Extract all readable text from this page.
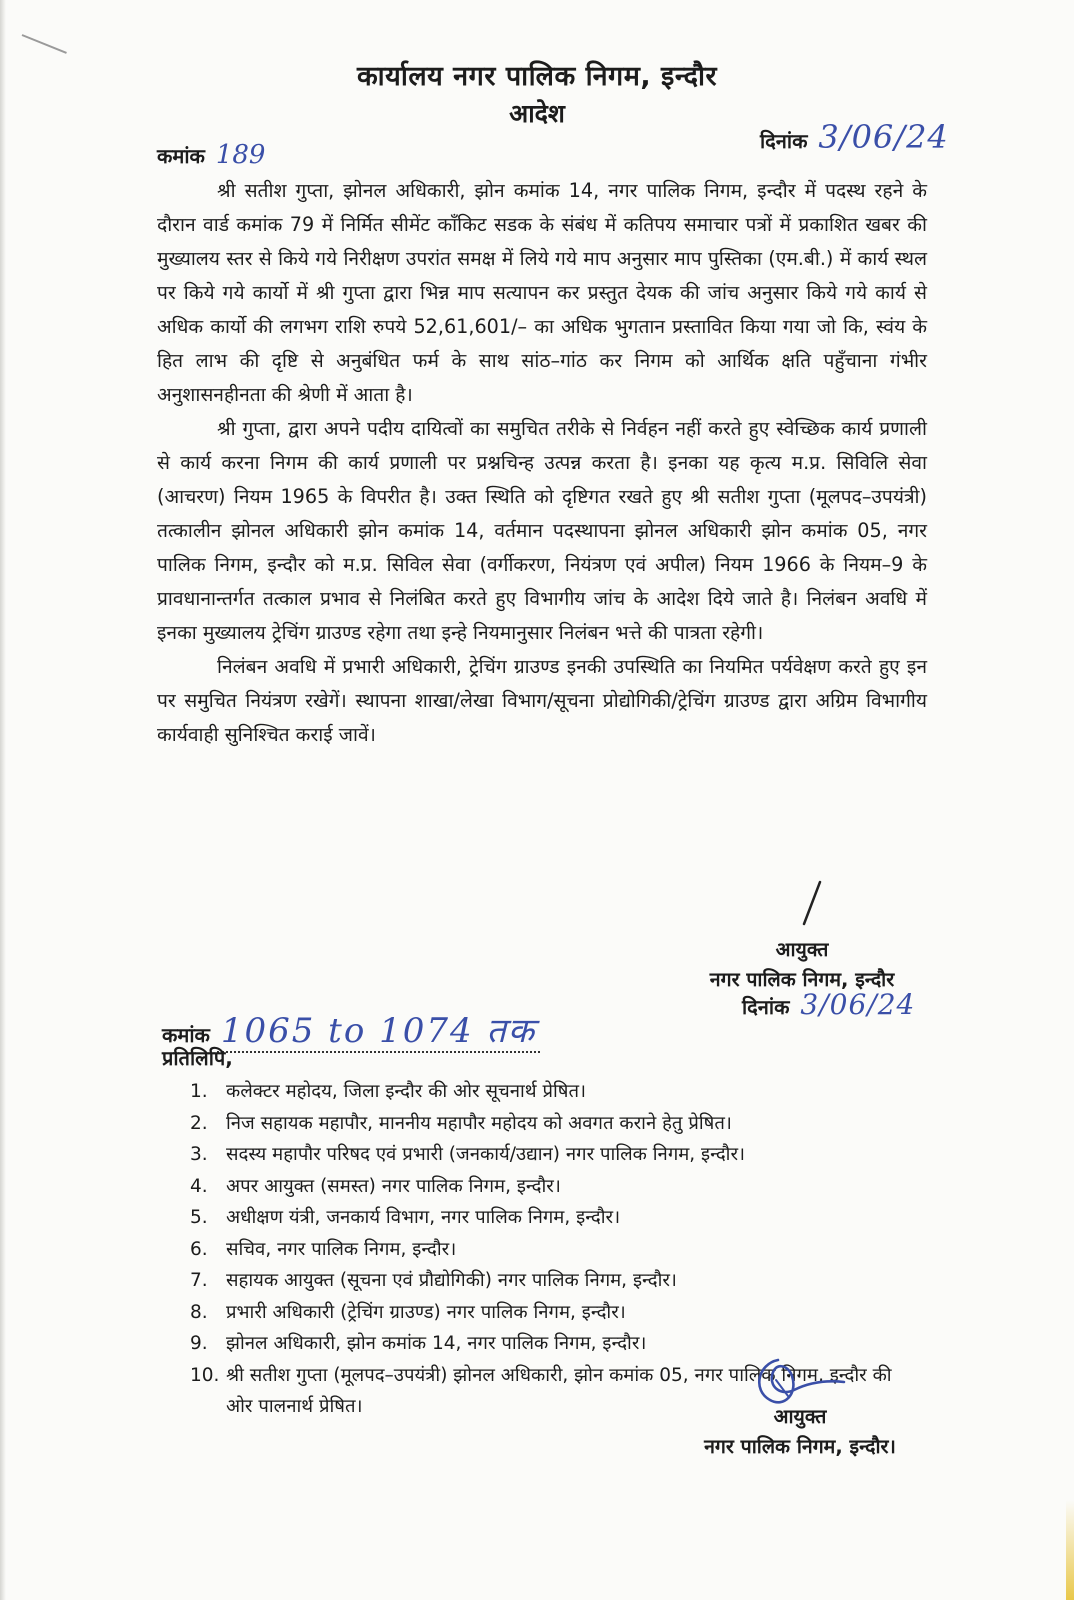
कार्यालय नगर पालिक निगम, इन्दौर
आदेश
कमांक 189	दिनांक 3/06/24

श्री सतीश गुप्ता, झोनल अधिकारी, झोन कमांक 14, नगर पालिक निगम, इन्दौर में पदस्थ रहने के दौरान वार्ड कमांक 79 में निर्मित सीमेंट कॉंकिट सडक के संबंध में कतिपय समाचार पत्रों में प्रकाशित खबर की मुख्यालय स्तर से किये गये निरीक्षण उपरांत समक्ष में लिये गये माप अनुसार माप पुस्तिका (एम.बी.) में कार्य स्थल पर किये गये कार्यो में श्री गुप्ता द्वारा भिन्न माप सत्यापन कर प्रस्तुत देयक की जांच अनुसार किये गये कार्य से अधिक कार्यो की लगभग राशि रुपये 52,61,601/– का अधिक भुगतान प्रस्तावित किया गया जो कि, स्वंय के हित लाभ की दृष्टि से अनुबंधित फर्म के साथ सांठ–गांठ कर निगम को आर्थिक क्षति पहुँचाना गंभीर अनुशासनहीनता की श्रेणी में आता है।

श्री गुप्ता, द्वारा अपने पदीय दायित्वों का समुचित तरीके से निर्वहन नहीं करते हुए स्वेच्छिक कार्य प्रणाली से कार्य करना निगम की कार्य प्रणाली पर प्रश्नचिन्ह उत्पन्न करता है। इनका यह कृत्य म.प्र. सिविलि सेवा (आचरण) नियम 1965 के विपरीत है। उक्त स्थिति को दृष्टिगत रखते हुए श्री सतीश गुप्ता (मूलपद–उपयंत्री) तत्कालीन झोनल अधिकारी झोन कमांक 14, वर्तमान पदस्थापना झोनल अधिकारी झोन कमांक 05, नगर पालिक निगम, इन्दौर को म.प्र. सिविल सेवा (वर्गीकरण, नियंत्रण एवं अपील) नियम 1966 के नियम–9 के प्रावधानान्तर्गत तत्काल प्रभाव से निलंबित करते हुए विभागीय जांच के आदेश दिये जाते है। निलंबन अवधि में इनका मुख्यालय ट्रेचिंग ग्राउण्ड रहेगा तथा इन्हे नियमानुसार निलंबन भत्ते की पात्रता रहेगी।

निलंबन अवधि में प्रभारी अधिकारी, ट्रेचिंग ग्राउण्ड इनकी उपस्थिति का नियमित पर्यवेक्षण करते हुए इन पर समुचित नियंत्रण रखेगें। स्थापना शाखा/लेखा विभाग/सूचना प्रोद्योगिकी/ट्रेचिंग ग्राउण्ड द्वारा अग्रिम विभागीय कार्यवाही सुनिश्चित कराई जावें।

आयुक्त
नगर पालिक निगम, इन्दौर
दिनांक 3/06/24
कमांक 1065 to 1074 तक
प्रतिलिपि,
1. कलेक्टर महोदय, जिला इन्दौर की ओर सूचनार्थ प्रेषित।
2. निज सहायक महापौर, माननीय महापौर महोदय को अवगत कराने हेतु प्रेषित।
3. सदस्य महापौर परिषद एवं प्रभारी (जनकार्य/उद्यान) नगर पालिक निगम, इन्दौर।
4. अपर आयुक्त (समस्त) नगर पालिक निगम, इन्दौर।
5. अधीक्षण यंत्री, जनकार्य विभाग, नगर पालिक निगम, इन्दौर।
6. सचिव, नगर पालिक निगम, इन्दौर।
7. सहायक आयुक्त (सूचना एवं प्रौद्योगिकी) नगर पालिक निगम, इन्दौर।
8. प्रभारी अधिकारी (ट्रेचिंग ग्राउण्ड) नगर पालिक निगम, इन्दौर।
9. झोनल अधिकारी, झोन कमांक 14, नगर पालिक निगम, इन्दौर।
10. श्री सतीश गुप्ता (मूलपद–उपयंत्री) झोनल अधिकारी, झोन कमांक 05, नगर पालिक निगम, इन्दौर की ओर पालनार्थ प्रेषित।	आयुक्त
नगर पालिक निगम, इन्दौर।
